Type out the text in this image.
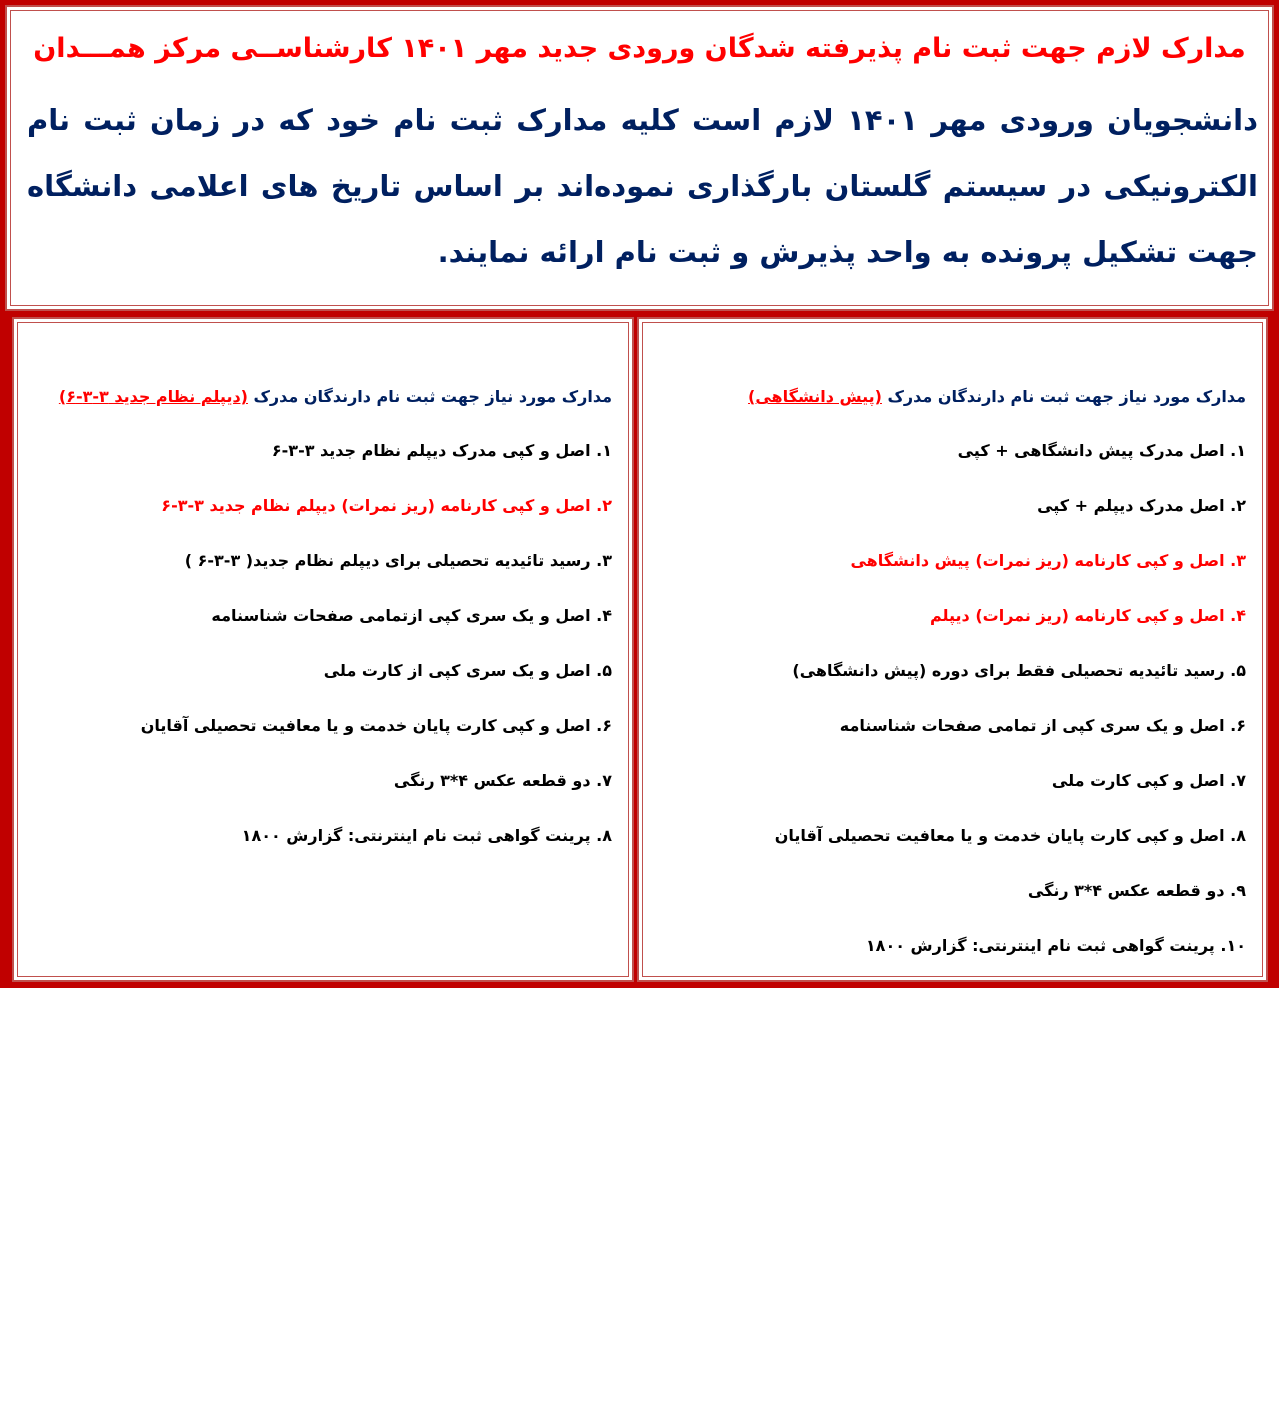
مدارک لازم جهت ثبت نام پذیرفته شدگان ورودی جدید مهر ۱۴۰۱ کارشناســی مرکز همـــدان
دانشجویان ورودی مهر ۱۴۰۱ لازم است کلیه مدارک ثبت نام خود که در زمان ثبت نام الکترونیکی در سیستم گلستان بارگذاری نموده‌اند بر اساس تاریخ های اعلامی دانشگاه جهت تشکیل پرونده به واحد پذیرش و ثبت نام ارائه نمایند.
مدارک مورد نیاز جهت ثبت نام دارندگان مدرک (پیش دانشگاهی)
۱. اصل مدرک پیش دانشگاهی + کپی
۲. اصل مدرک دیپلم + کپی
۳. اصل و کپی کارنامه (ریز نمرات) پیش دانشگاهی
۴. اصل و کپی کارنامه (ریز نمرات) دیپلم
۵. رسید تائیدیه تحصیلی فقط برای دوره (پیش دانشگاهی)
۶. اصل و یک سری کپی از تمامی صفحات شناسنامه
۷. اصل و کپی کارت ملی
۸. اصل و کپی کارت پایان خدمت و یا معافیت تحصیلی آقایان
۹. دو قطعه عکس ۴*۳ رنگی
۱۰. پرینت گواهی ثبت نام اینترنتی: گزارش ۱۸۰۰
مدارک مورد نیاز جهت ثبت نام دارندگان مدرک (دیپلم نظام جدید ۳-۳-۶)
۱. اصل و کپی مدرک دیپلم نظام جدید ۳-۳-۶
۲. اصل و کپی کارنامه (ریز نمرات) دیپلم نظام جدید ۳-۳-۶
۳. رسید تائیدیه تحصیلی برای دیپلم نظام جدید( ۳-۳-۶ )
۴. اصل و یک سری کپی ازتمامی صفحات شناسنامه
۵. اصل و یک سری کپی از کارت ملی
۶. اصل و کپی کارت پایان خدمت و یا معافیت تحصیلی آقایان
۷. دو قطعه عکس ۴*۳ رنگی
۸. پرینت گواهی ثبت نام اینترنتی: گزارش ۱۸۰۰
